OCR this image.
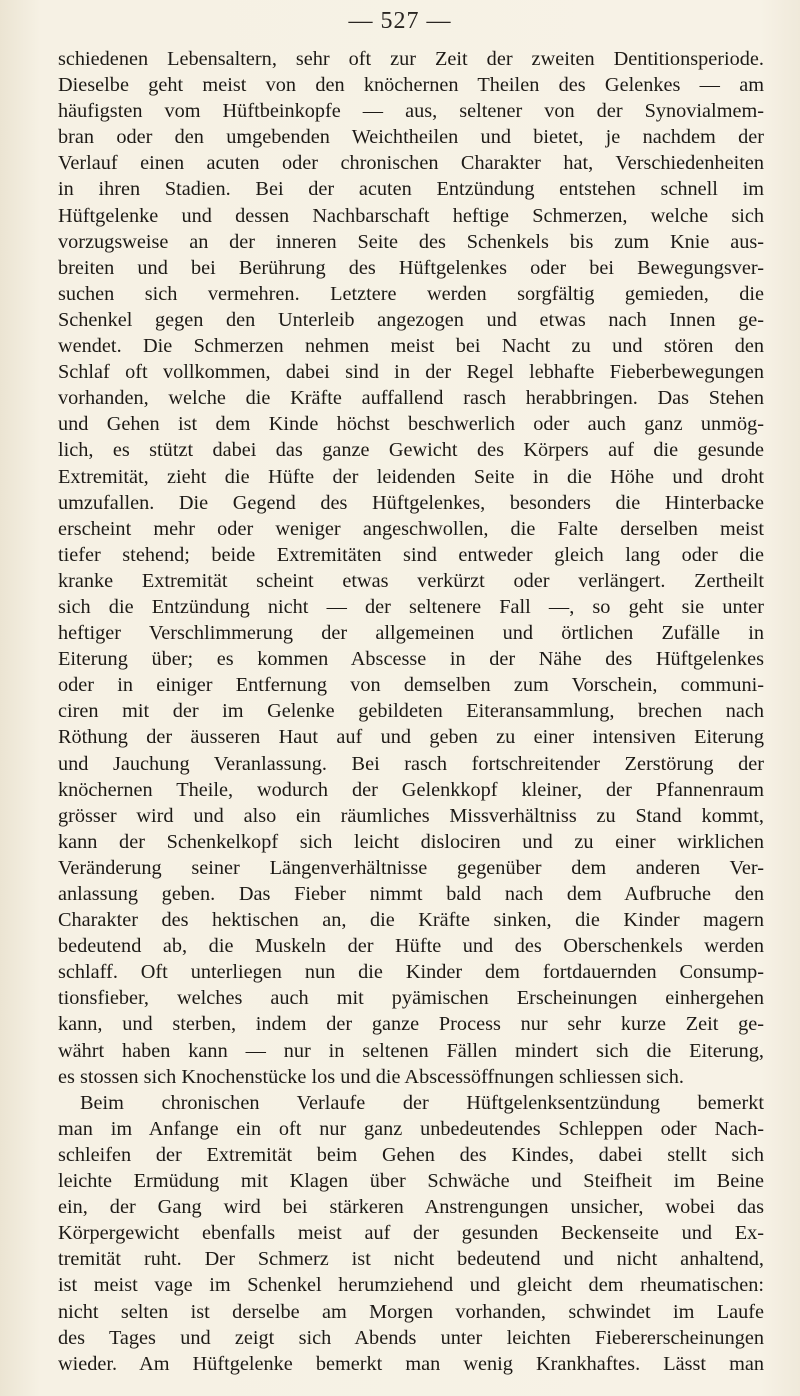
— 527 —
schiedenen Lebensaltern, sehr oft zur Zeit der zweiten Dentitionsperiode.
Dieselbe geht meist von den knöchernen Theilen des Gelenkes — am
häufigsten vom Hüftbeinkopfe — aus, seltener von der Synovialmem-
bran oder den umgebenden Weichtheilen und bietet, je nachdem der
Verlauf einen acuten oder chronischen Charakter hat, Verschiedenheiten
in ihren Stadien. Bei der acuten Entzündung entstehen schnell im
Hüftgelenke und dessen Nachbarschaft heftige Schmerzen, welche sich
vorzugsweise an der inneren Seite des Schenkels bis zum Knie aus-
breiten und bei Berührung des Hüftgelenkes oder bei Bewegungsver-
suchen sich vermehren. Letztere werden sorgfältig gemieden, die
Schenkel gegen den Unterleib angezogen und etwas nach Innen ge-
wendet. Die Schmerzen nehmen meist bei Nacht zu und stören den
Schlaf oft vollkommen, dabei sind in der Regel lebhafte Fieberbewegungen
vorhanden, welche die Kräfte auffallend rasch herabbringen. Das Stehen
und Gehen ist dem Kinde höchst beschwerlich oder auch ganz unmög-
lich, es stützt dabei das ganze Gewicht des Körpers auf die gesunde
Extremität, zieht die Hüfte der leidenden Seite in die Höhe und droht
umzufallen. Die Gegend des Hüftgelenkes, besonders die Hinterbacke
erscheint mehr oder weniger angeschwollen, die Falte derselben meist
tiefer stehend; beide Extremitäten sind entweder gleich lang oder die
kranke Extremität scheint etwas verkürzt oder verlängert. Zertheilt
sich die Entzündung nicht — der seltenere Fall —, so geht sie unter
heftiger Verschlimmerung der allgemeinen und örtlichen Zufälle in
Eiterung über; es kommen Abscesse in der Nähe des Hüftgelenkes
oder in einiger Entfernung von demselben zum Vorschein, communi-
ciren mit der im Gelenke gebildeten Eiteransammlung, brechen nach
Röthung der äusseren Haut auf und geben zu einer intensiven Eiterung
und Jauchung Veranlassung. Bei rasch fortschreitender Zerstörung der
knöchernen Theile, wodurch der Gelenkkopf kleiner, der Pfannenraum
grösser wird und also ein räumliches Missverhältniss zu Stand kommt,
kann der Schenkelkopf sich leicht dislociren und zu einer wirklichen
Veränderung seiner Längenverhältnisse gegenüber dem anderen Ver-
anlassung geben. Das Fieber nimmt bald nach dem Aufbruche den
Charakter des hektischen an, die Kräfte sinken, die Kinder magern
bedeutend ab, die Muskeln der Hüfte und des Oberschenkels werden
schlaff. Oft unterliegen nun die Kinder dem fortdauernden Consump-
tionsfieber, welches auch mit pyämischen Erscheinungen einhergehen
kann, und sterben, indem der ganze Process nur sehr kurze Zeit ge-
währt haben kann — nur in seltenen Fällen mindert sich die Eiterung,
es stossen sich Knochenstücke los und die Abscessöffnungen schliessen sich.
Beim chronischen Verlaufe der Hüftgelenksentzündung bemerkt
man im Anfange ein oft nur ganz unbedeutendes Schleppen oder Nach-
schleifen der Extremität beim Gehen des Kindes, dabei stellt sich
leichte Ermüdung mit Klagen über Schwäche und Steifheit im Beine
ein, der Gang wird bei stärkeren Anstrengungen unsicher, wobei das
Körpergewicht ebenfalls meist auf der gesunden Beckenseite und Ex-
tremität ruht. Der Schmerz ist nicht bedeutend und nicht anhaltend,
ist meist vage im Schenkel herumziehend und gleicht dem rheumatischen:
nicht selten ist derselbe am Morgen vorhanden, schwindet im Laufe
des Tages und zeigt sich Abends unter leichten Fiebererscheinungen
wieder. Am Hüftgelenke bemerkt man wenig Krankhaftes. Lässt man
